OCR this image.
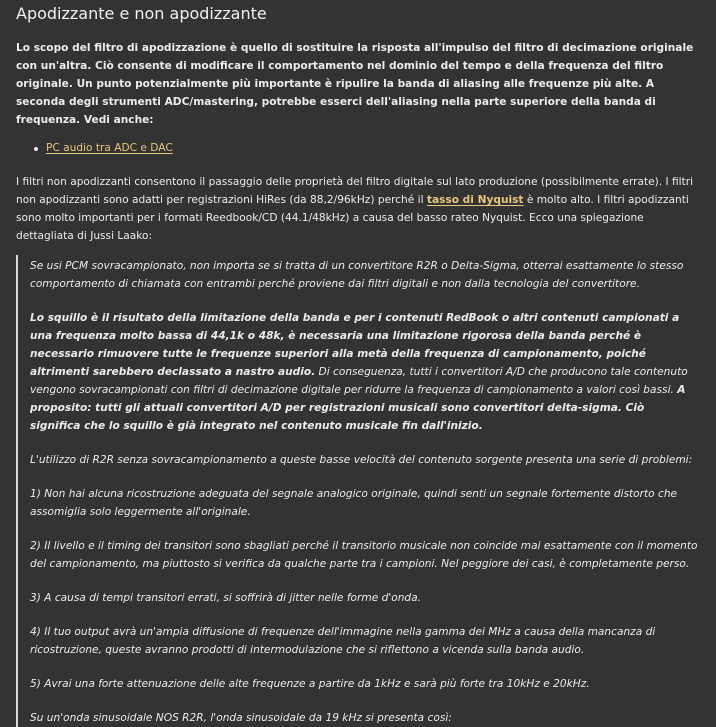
Apodizzante e non apodizzante

Lo scopo del filtro di apodizzazione è quello di sostituire la risposta all'impulso del filtro di decimazione originale con un'altra. Ciò consente di modificare il comportamento nel dominio del tempo e della frequenza del filtro originale. Un punto potenzialmente più importante è ripulire la banda di aliasing alle frequenze più alte. A seconda degli strumenti ADC/mastering, potrebbe esserci dell'aliasing nella parte superiore della banda di frequenza. Vedi anche:

PC audio tra ADC e DAC

I filtri non apodizzanti consentono il passaggio delle proprietà del filtro digitale sul lato produzione (possibilmente errate). I filtri non apodizzanti sono adatti per registrazioni HiRes (da 88,2/96kHz) perché il tasso di Nyquist è molto alto. I filtri apodizzanti sono molto importanti per i formati Reedbook/CD (44.1/48kHz) a causa del basso rateo Nyquist. Ecco una spiegazione dettagliata di Jussi Laako:

Se usi PCM sovracampionato, non importa se si tratta di un convertitore R2R o Delta-Sigma, otterrai esattamente lo stesso comportamento di chiamata con entrambi perché proviene dai filtri digitali e non dalla tecnologia del convertitore.

Lo squillo è il risultato della limitazione della banda e per i contenuti RedBook o altri contenuti campionati a una frequenza molto bassa di 44,1k o 48k, è necessaria una limitazione rigorosa della banda perché è necessario rimuovere tutte le frequenze superiori alla metà della frequenza di campionamento, poiché altrimenti sarebbero declassato a nastro audio. Di conseguenza, tutti i convertitori A/D che producono tale contenuto vengono sovracampionati con filtri di decimazione digitale per ridurre la frequenza di campionamento a valori così bassi. A proposito: tutti gli attuali convertitori A/D per registrazioni musicali sono convertitori delta-sigma. Ciò significa che lo squillo è già integrato nel contenuto musicale fin dall'inizio.

L'utilizzo di R2R senza sovracampionamento a queste basse velocità del contenuto sorgente presenta una serie di problemi:

1) Non hai alcuna ricostruzione adeguata del segnale analogico originale, quindi senti un segnale fortemente distorto che assomiglia solo leggermente all'originale.

2) Il livello e il timing dei transitori sono sbagliati perché il transitorio musicale non coincide mai esattamente con il momento del campionamento, ma piuttosto si verifica da qualche parte tra i campioni. Nel peggiore dei casi, è completamente perso.

3) A causa di tempi transitori errati, si soffrirà di jitter nelle forme d'onda.

4) Il tuo output avrà un'ampia diffusione di frequenze dell'immagine nella gamma dei MHz a causa della mancanza di ricostruzione, queste avranno prodotti di intermodulazione che si riflettono a vicenda sulla banda audio.

5) Avrai una forte attenuazione delle alte frequenze a partire da 1kHz e sarà più forte tra 10kHz e 20kHz.

Su un'onda sinusoidale NOS R2R, l'onda sinusoidale da 19 kHz si presenta così:
